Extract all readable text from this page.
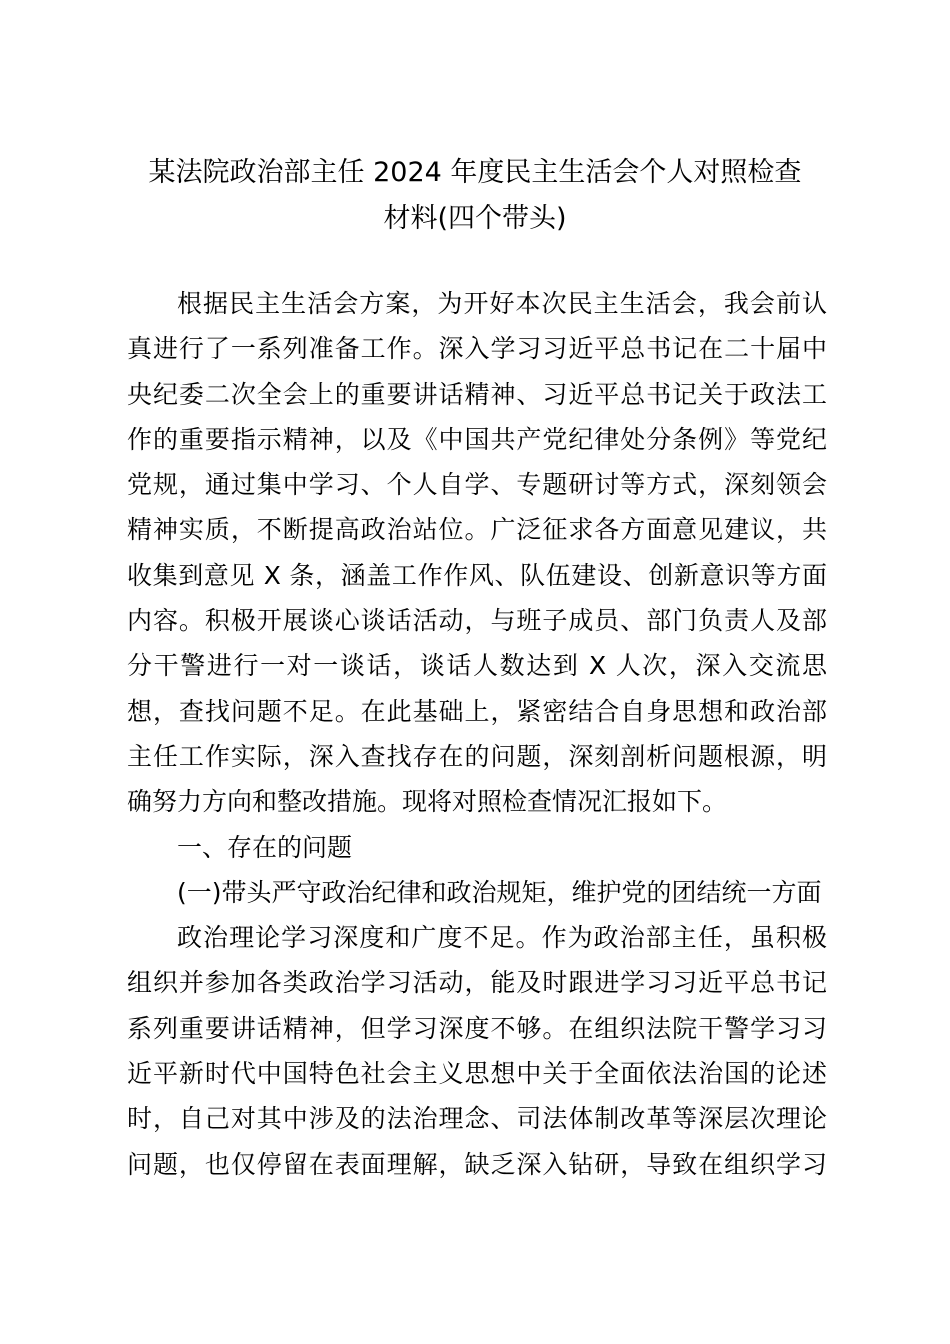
某法院政治部主任 2024 年度民主生活会个人对照检查
材料(四个带头)
根据民主生活会方案，为开好本次民主生活会，我会前认
真进行了一系列准备工作。深入学习习近平总书记在二十届中
央纪委二次全会上的重要讲话精神、习近平总书记关于政法工
作的重要指示精神，以及《中国共产党纪律处分条例》等党纪
党规，通过集中学习、个人自学、专题研讨等方式，深刻领会
精神实质，不断提高政治站位。广泛征求各方面意见建议，共
收集到意见 X 条，涵盖工作作风、队伍建设、创新意识等方面
内容。积极开展谈心谈话活动，与班子成员、部门负责人及部
分干警进行一对一谈话，谈话人数达到 X 人次，深入交流思
想，查找问题不足。在此基础上，紧密结合自身思想和政治部
主任工作实际，深入查找存在的问题，深刻剖析问题根源，明
确努力方向和整改措施。现将对照检查情况汇报如下。
一、存在的问题
(一)带头严守政治纪律和政治规矩，维护党的团结统一方面
政治理论学习深度和广度不足。作为政治部主任，虽积极
组织并参加各类政治学习活动，能及时跟进学习习近平总书记
系列重要讲话精神，但学习深度不够。在组织法院干警学习习
近平新时代中国特色社会主义思想中关于全面依法治国的论述
时，自己对其中涉及的法治理念、司法体制改革等深层次理论
问题，也仅停留在表面理解，缺乏深入钻研，导致在组织学习
